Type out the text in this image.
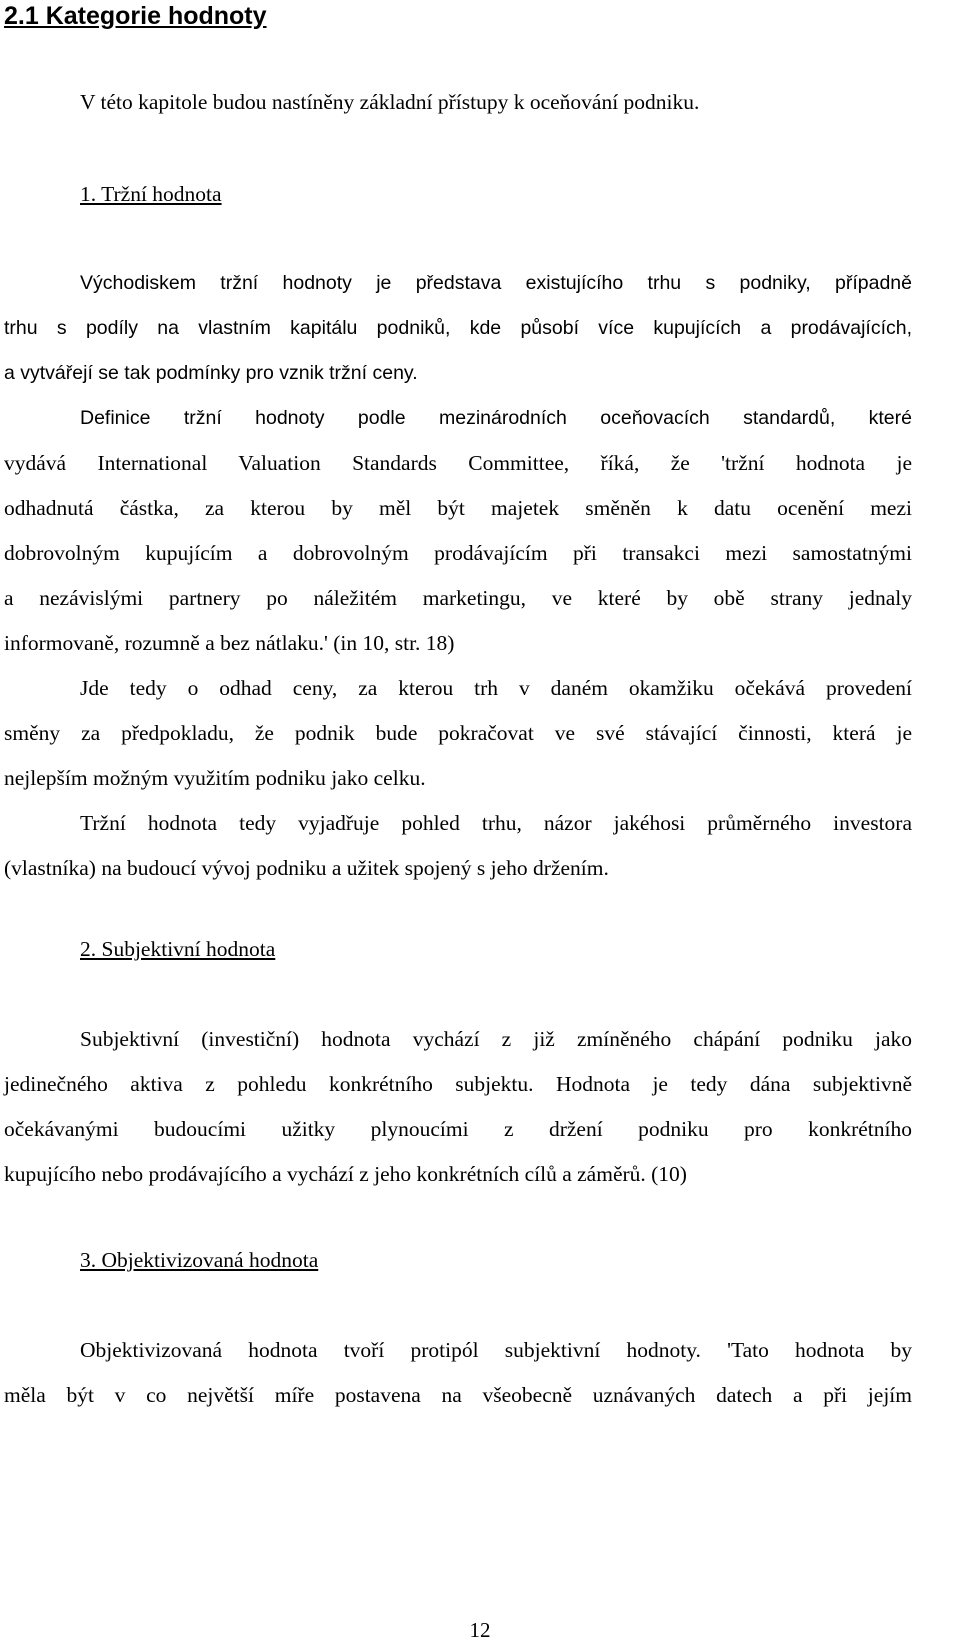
2.1 Kategorie hodnoty

V této kapitole budou nastíněny základní přístupy k oceňování podniku.

1. Tržní hodnota

Východiskem tržní hodnoty je představa existujícího trhu s podniky, případně

trhu s podíly na vlastním kapitálu podniků, kde působí více kupujících a prodávajících,

a vytvářejí se tak podmínky pro vznik tržní ceny.

Definice tržní hodnoty podle mezinárodních oceňovacích standardů, které

vydává International Valuation Standards Committee, říká, že 'tržní hodnota je

odhadnutá částka, za kterou by měl být majetek směněn k datu ocenění mezi

dobrovolným kupujícím a dobrovolným prodávajícím při transakci mezi samostatnými

a nezávislými partnery po náležitém marketingu, ve které by obě strany jednaly

informovaně, rozumně a bez nátlaku.' (in 10, str. 18)

Jde tedy o odhad ceny, za kterou trh v daném okamžiku očekává provedení

směny za předpokladu, že podnik bude pokračovat ve své stávající činnosti, která je

nejlepším možným využitím podniku jako celku.

Tržní hodnota tedy vyjadřuje pohled trhu, názor jakéhosi průměrného investora

(vlastníka) na budoucí vývoj podniku a užitek spojený s jeho držením.

2. Subjektivní hodnota

Subjektivní (investiční) hodnota vychází z již zmíněného chápání podniku jako

jedinečného aktiva z pohledu konkrétního subjektu. Hodnota je tedy dána subjektivně

očekávanými budoucími užitky plynoucími z držení podniku pro konkrétního

kupujícího nebo prodávajícího a vychází z jeho konkrétních cílů a záměrů. (10)

3. Objektivizovaná hodnota

Objektivizovaná hodnota tvoří protipól subjektivní hodnoty. 'Tato hodnota by

měla být v co největší míře postavena na všeobecně uznávaných datech a při jejím

12
